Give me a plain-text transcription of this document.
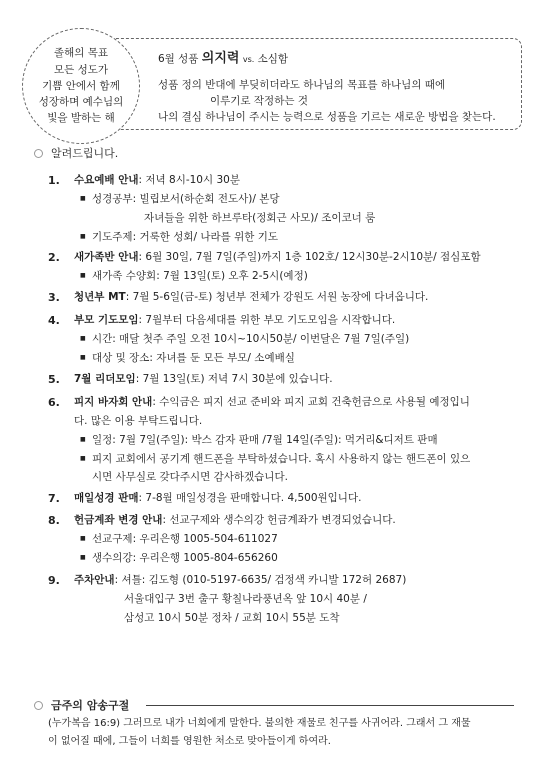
졸해의 목표
모든 성도가
기쁨 안에서 함께
성장하며 예수님의
빛을 발하는 해
6월 성품 의지력 vs. 소심함
성품 정의 반대에 부딪히더라도 하나님의 목표를 하나님의 때에
이루기로 작정하는 것
나의 결심 하나님이 주시는 능력으로 성품을 기르는 새로운 방법을 찾는다.
알려드립니다.
1. 수요예배 안내: 저녁 8시-10시 30분
■ 성경공부: 빌립보서(하순회 전도사)/ 본당
자녀들을 위한 하브루타(정회근 사모)/ 조이코너 룸
■ 기도주제: 거룩한 성회/ 나라를 위한 기도
2. 새가족반 안내: 6월 30일, 7월 7일(주일)까지 1층 102호/ 12시30분-2시10분/ 점심포함
■ 새가족 수양회: 7월 13일(토) 오후 2-5시(예정)
3. 청년부 MT: 7월 5-6일(금-토) 청년부 전체가 강원도 서원 농장에 다녀옵니다.
4. 부모 기도모임: 7월부터 다음세대를 위한 부모 기도모임을 시작합니다.
■ 시간: 매달 첫주 주일 오전 10시~10시50분/ 이번달은 7월 7일(주일)
■ 대상 및 장소: 자녀를 둔 모든 부모/ 소예배실
5. 7월 리더모임: 7월 13일(토) 저녁 7시 30분에 있습니다.
6. 피지 바자회 안내: 수익금은 피지 선교 준비와 피지 교회 건축헌금으로 사용될 예정입니
다. 많은 이용 부탁드립니다.
■ 일정: 7월 7일(주일): 박스 감자 판매 /7월 14일(주일): 먹거리&디저트 판매
■ 피지 교회에서 공기계 핸드폰을 부탁하셨습니다. 혹시 사용하지 않는 핸드폰이 있으
시면 사무실로 갖다주시면 감사하겠습니다.
7. 매일성경 판매: 7-8월 매일성경을 판매합니다. 4,500원입니다.
8. 헌금계좌 변경 안내: 선교구제와 생수의강 헌금계좌가 변경되었습니다.
■ 선교구제: 우리은행 1005-504-611027
■ 생수의강: 우리은행 1005-804-656260
9. 주차안내: 셔틀: 김도형 (010-5197-6635/ 검정색 카니발 172허 2687)
서울대입구 3번 출구 황칠나라풍년옥 앞 10시 40분 /
삼성고 10시 50분 정차 / 교회 10시 55분 도착
금주의 암송구절
(누가복음 16:9) 그러므로 내가 너희에게 말한다. 불의한 재물로 친구를 사귀어라. 그래서 그 재물
이 없어질 때에, 그들이 너희를 영원한 처소로 맞아들이게 하여라.
